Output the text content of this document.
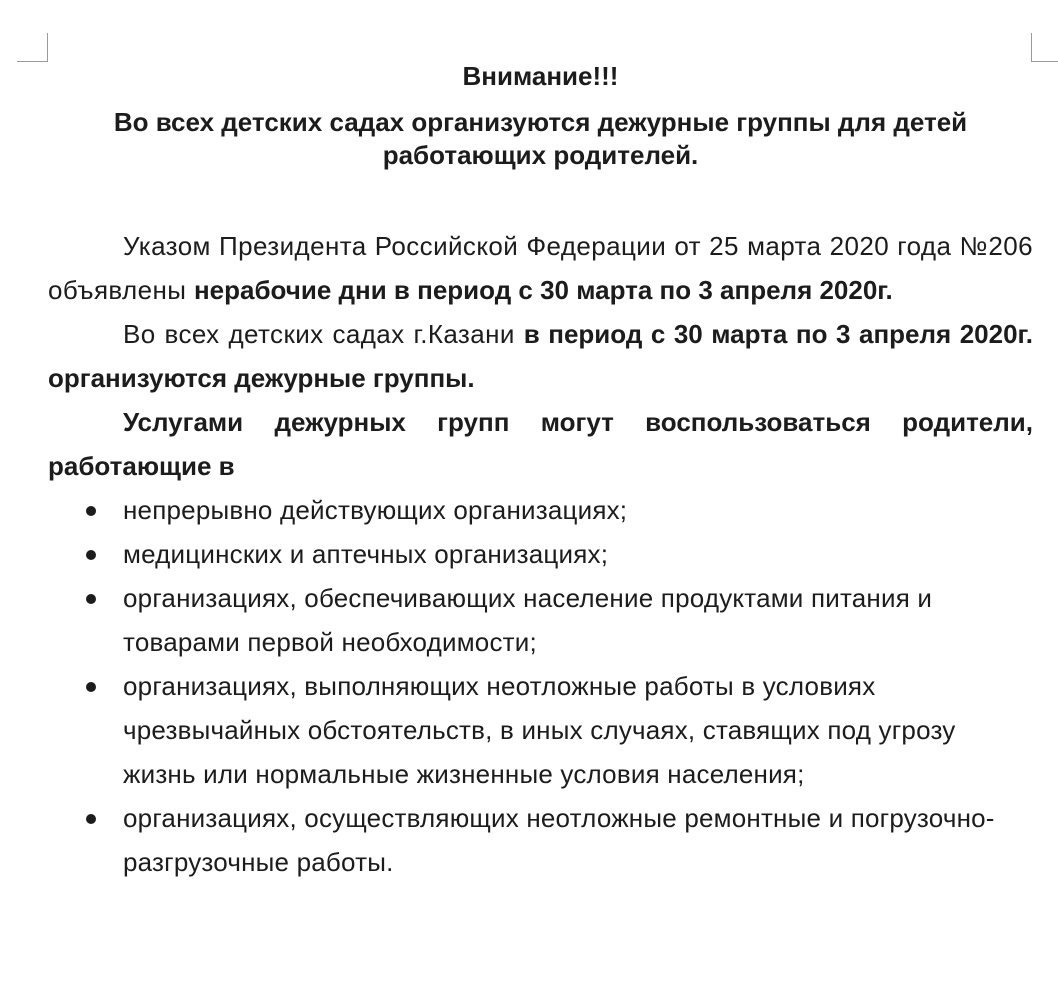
Внимание!!!
Во всех детских садах организуются дежурные группы для детей
работающих родителей.

Указом Президента Российской Федерации от 25 марта 2020 года №206 объявлены нерабочие дни в период с 30 марта по 3 апреля 2020г.

Во всех детских садах г.Казани в период с 30 марта по 3 апреля 2020г. организуются дежурные группы.

Услугами дежурных групп могут воспользоваться родители, работающие в

непрерывно действующих организациях;
медицинских и аптечных организациях;
организациях, обеспечивающих население продуктами питания и товарами первой необходимости;
организациях, выполняющих неотложные работы в условиях чрезвычайных обстоятельств, в иных случаях, ставящих под угрозу жизнь или нормальные жизненные условия населения;
организациях, осуществляющих неотложные ремонтные и погрузочно-разгрузочные работы.
